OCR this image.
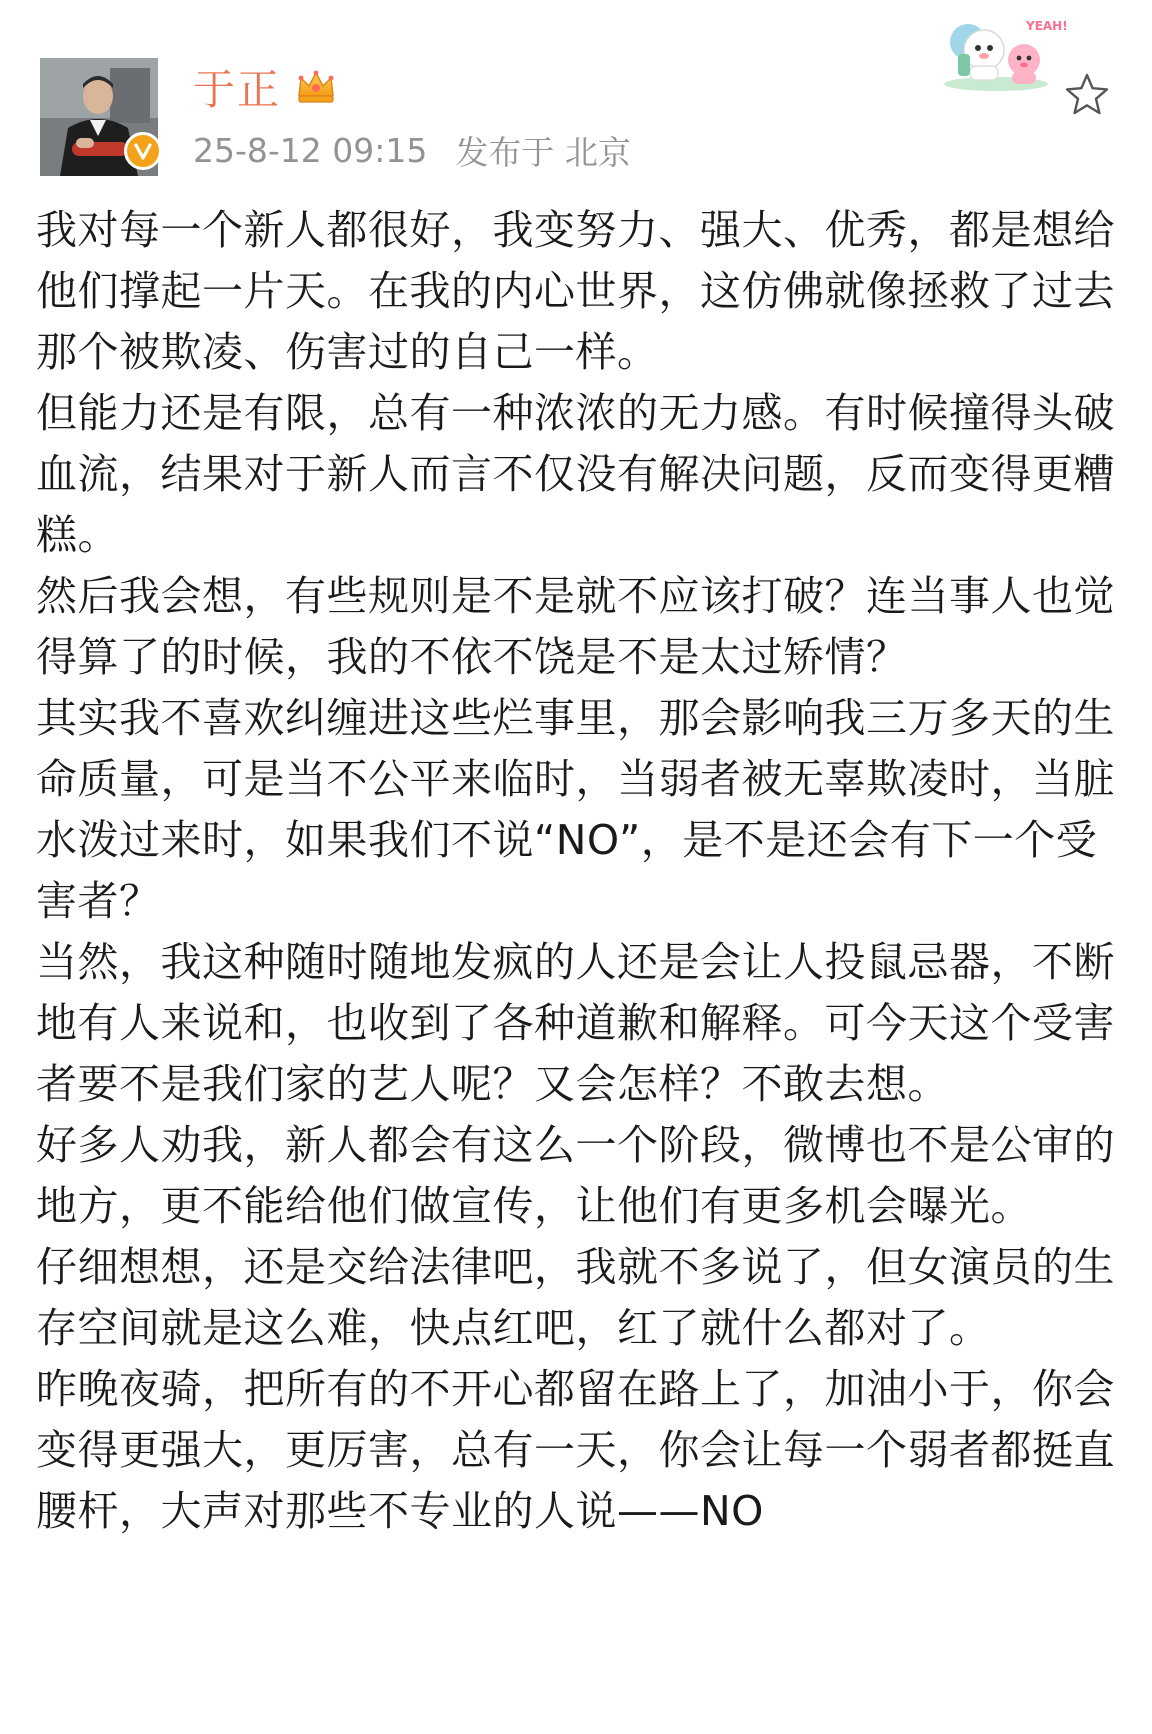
于正
25-8-12 09:15 发布于 北京
YEAH!

我对每一个新人都很好，我变努力、强大、优秀，都是想给他们撑起一片天。在我的内心世界，这仿佛就像拯救了过去那个被欺凌、伤害过的自己一样。

但能力还是有限，总有一种浓浓的无力感。有时候撞得头破血流，结果对于新人而言不仅没有解决问题，反而变得更糟糕。

然后我会想，有些规则是不是就不应该打破？连当事人也觉得算了的时候，我的不依不饶是不是太过矫情？

其实我不喜欢纠缠进这些烂事里，那会影响我三万多天的生命质量，可是当不公平来临时，当弱者被无辜欺凌时，当脏水泼过来时，如果我们不说“NO”，是不是还会有下一个受害者？

当然，我这种随时随地发疯的人还是会让人投鼠忌器，不断地有人来说和，也收到了各种道歉和解释。可今天这个受害者要不是我们家的艺人呢？又会怎样？不敢去想。

好多人劝我，新人都会有这么一个阶段，微博也不是公审的地方，更不能给他们做宣传，让他们有更多机会曝光。

仔细想想，还是交给法律吧，我就不多说了，但女演员的生存空间就是这么难，快点红吧，红了就什么都对了。

昨晚夜骑，把所有的不开心都留在路上了，加油小于，你会变得更强大，更厉害，总有一天，你会让每一个弱者都挺直腰杆，大声对那些不专业的人说——NO
